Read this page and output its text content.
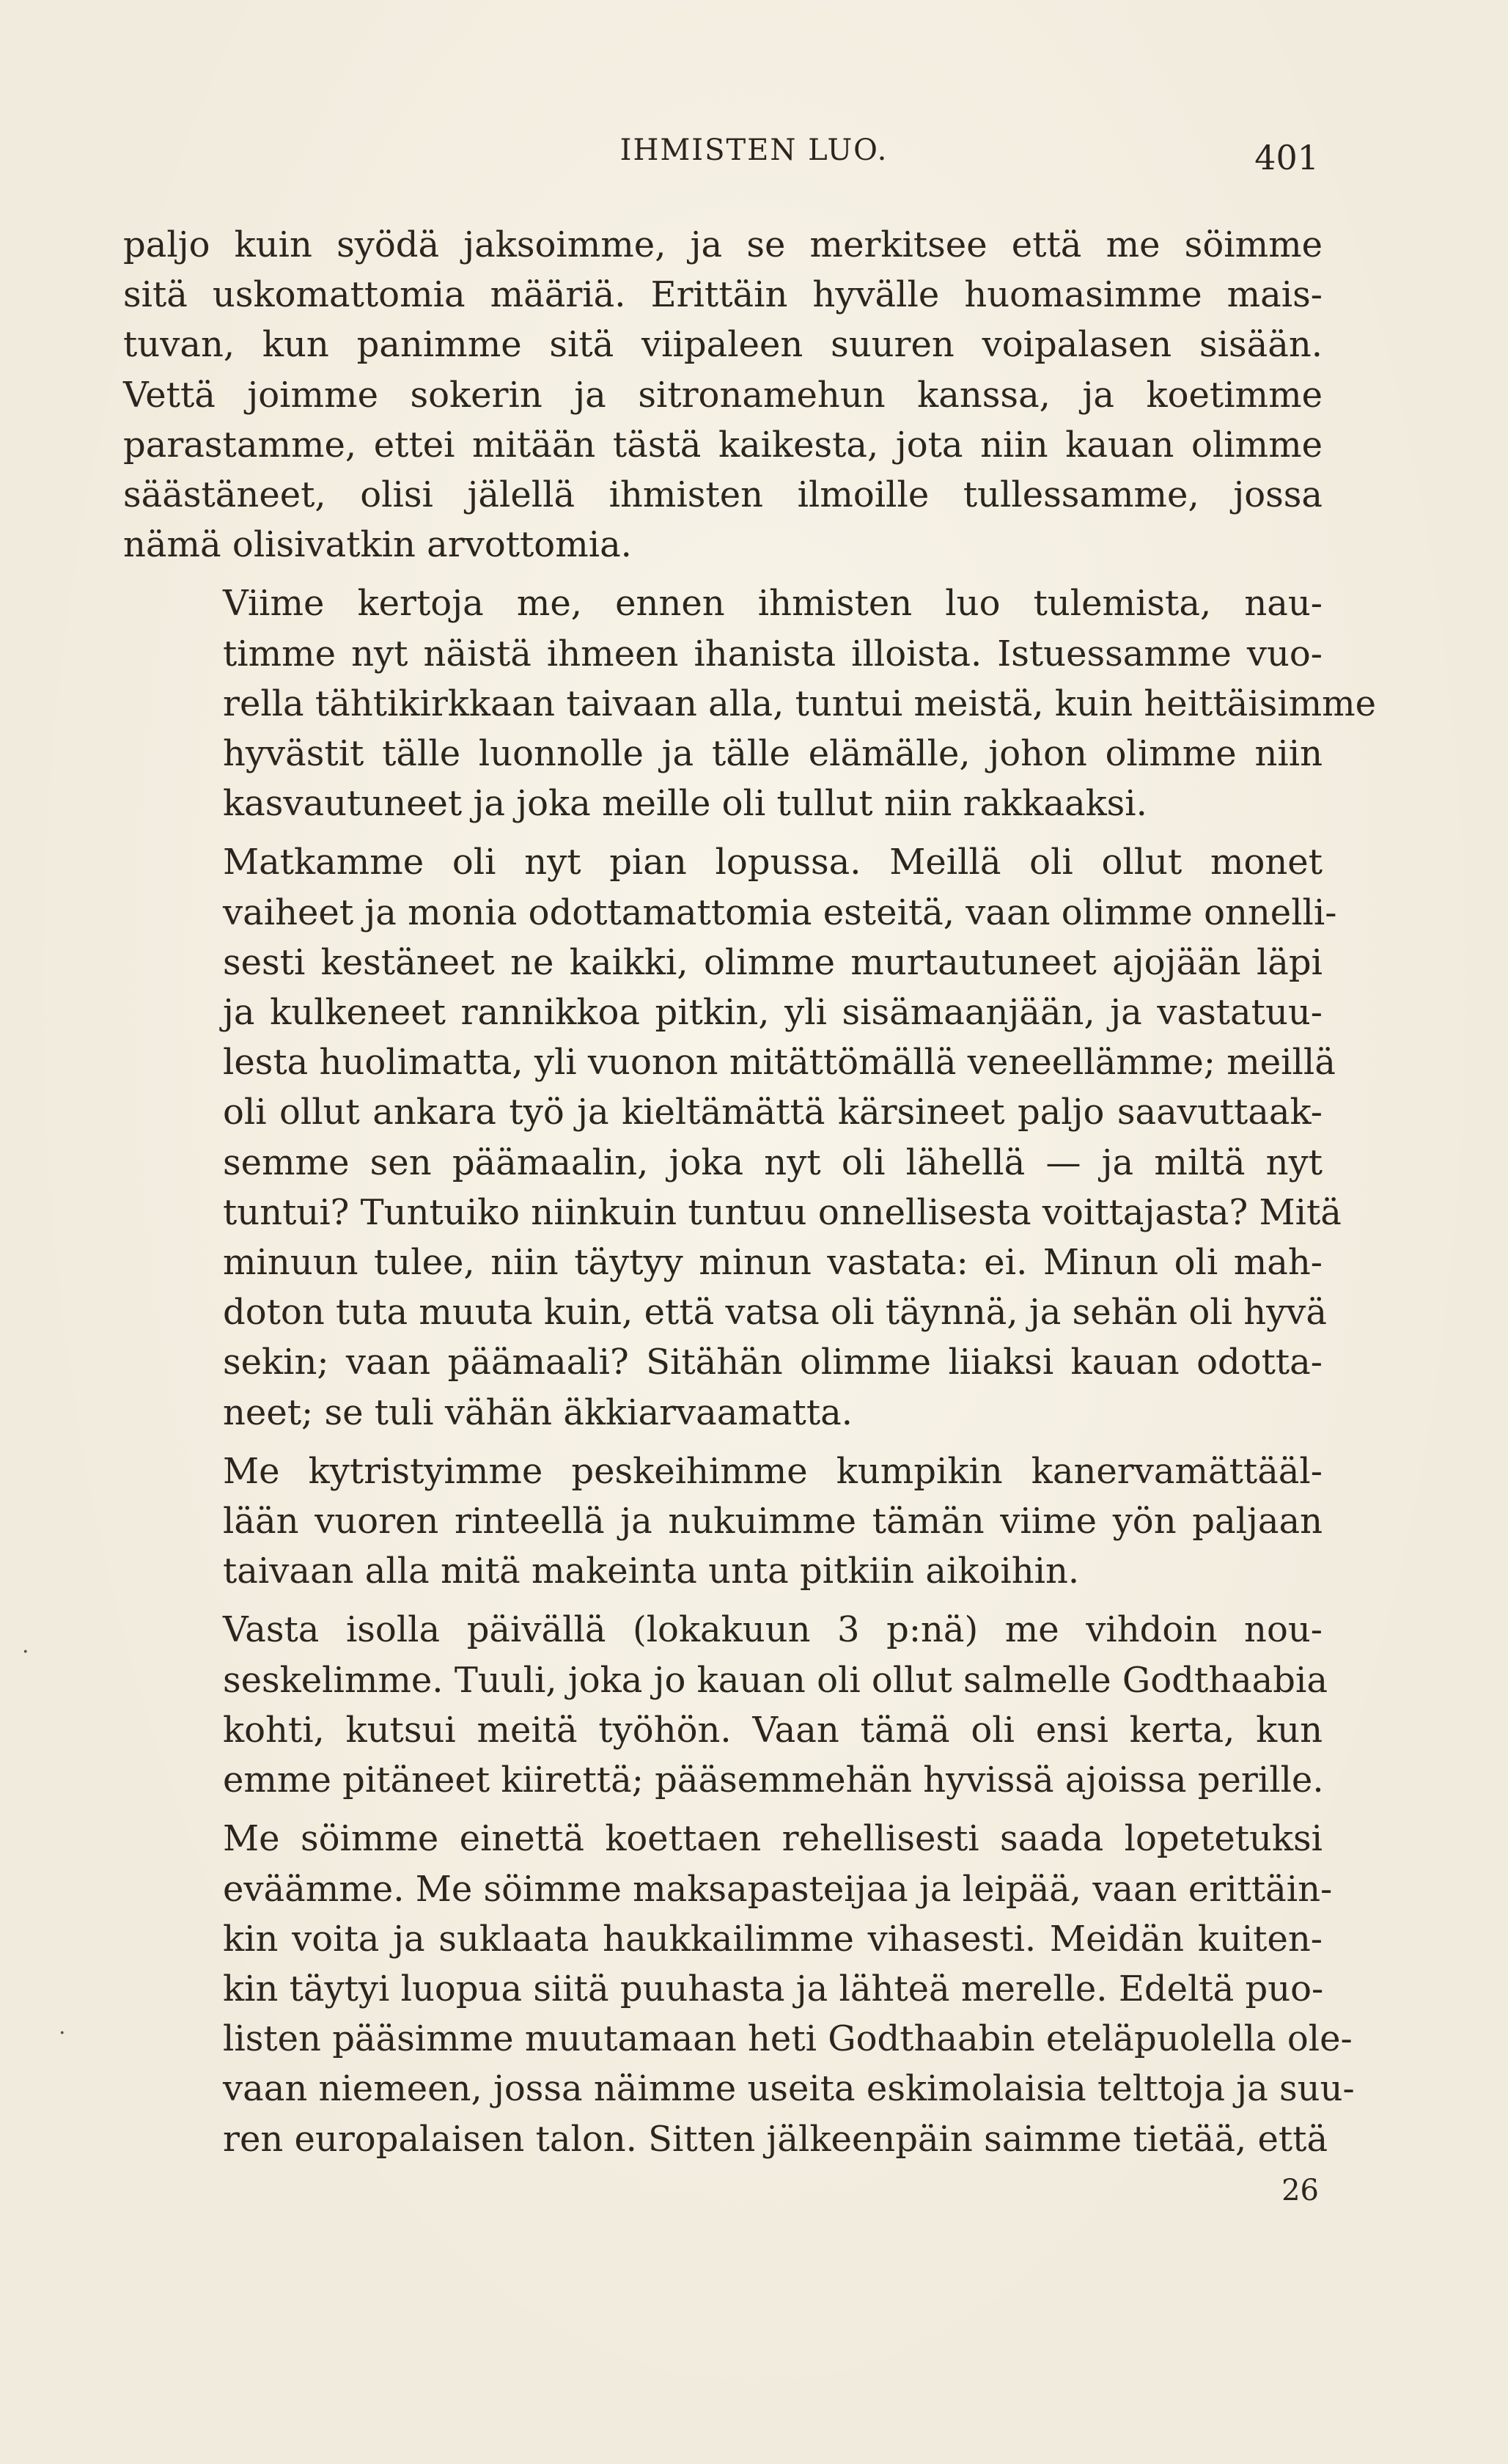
IHMISTEN LUO.	401
paljo kuin syödä jaksoimme, ja se merkitsee että me söimme
sitä uskomattomia määriä. Erittäin hyvälle huomasimme mais-
tuvan, kun panimme sitä viipaleen suuren voipalasen sisään.
Vettä joimme sokerin ja sitronamehun kanssa, ja koetimme
parastamme, ettei mitään tästä kaikesta, jota niin kauan olimme
säästäneet, olisi jälellä ihmisten ilmoille tullessamme, jossa
nämä olisivatkin arvottomia.
Viime kertoja me, ennen ihmisten luo tulemista, nau-
timme nyt näistä ihmeen ihanista illoista. Istuessamme vuo-
rella tähtikirkkaan taivaan alla, tuntui meistä, kuin heittäisimme
hyvästit tälle luonnolle ja tälle elämälle, johon olimme niin
kasvautuneet ja joka meille oli tullut niin rakkaaksi.
Matkamme oli nyt pian lopussa. Meillä oli ollut monet
vaiheet ja monia odottamattomia esteitä, vaan olimme onnelli-
sesti kestäneet ne kaikki, olimme murtautuneet ajojään läpi
ja kulkeneet rannikkoa pitkin, yli sisämaanjään, ja vastatuu-
lesta huolimatta, yli vuonon mitättömällä veneellämme; meillä
oli ollut ankara työ ja kieltämättä kärsineet paljo saavuttaak-
semme sen päämaalin, joka nyt oli lähellä — ja miltä nyt
tuntui? Tuntuiko niinkuin tuntuu onnellisesta voittajasta? Mitä
minuun tulee, niin täytyy minun vastata: ei. Minun oli mah-
doton tuta muuta kuin, että vatsa oli täynnä, ja sehän oli hyvä
sekin; vaan päämaali? Sitähän olimme liiaksi kauan odotta-
neet; se tuli vähän äkkiarvaamatta.
Me kytristyimme peskeihimme kumpikin kanervamättääl-
lään vuoren rinteellä ja nukuimme tämän viime yön paljaan
taivaan alla mitä makeinta unta pitkiin aikoihin.
Vasta isolla päivällä (lokakuun 3 p:nä) me vihdoin nou-
seskelimme. Tuuli, joka jo kauan oli ollut salmelle Godthaabia
kohti, kutsui meitä työhön. Vaan tämä oli ensi kerta, kun
emme pitäneet kiirettä; pääsemmehän hyvissä ajoissa perille.
Me söimme einettä koettaen rehellisesti saada lopetetuksi
eväämme. Me söimme maksapasteijaa ja leipää, vaan erittäin-
kin voita ja suklaata haukkailimme vihasesti. Meidän kuiten-
kin täytyi luopua siitä puuhasta ja lähteä merelle. Edeltä puo-
listen pääsimme muutamaan heti Godthaabin eteläpuolella ole-
vaan niemeen, jossa näimme useita eskimolaisia telttoja ja suu-
ren europalaisen talon. Sitten jälkeenpäin saimme tietää, että
26
·
·
